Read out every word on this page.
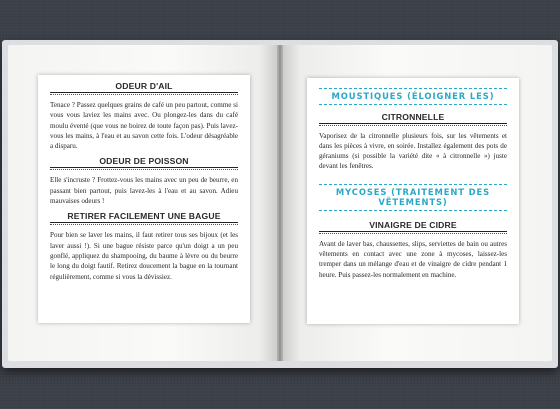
ODEUR D'AIL

Tenace ? Passez quelques grains de café un peu partout, comme si vous vous laviez les mains avec. Ou plongez-les dans du café moulu éventé (que vous ne boirez de toute façon pas). Puis lavez-vous les mains, à l'eau et au savon cette fois. L'odeur désagréable a disparu.

ODEUR DE POISSON

Elle s'incruste ? Frottez-vous les mains avec un peu de beurre, en passant bien partout, puis lavez-les à l'eau et au savon. Adieu mauvaises odeurs !

RETIRER FACILEMENT UNE BAGUE

Pour bien se laver les mains, il faut retirer tous ses bijoux (et les laver aussi !). Si une bague résiste parce qu'un doigt a un peu gonflé, appliquez du shampooing, du baume à lèvre ou du beurre le long du doigt fautif. Retirez doucement la bague en la tournant régulièrement, comme si vous la dévissiez.

MOUSTIQUES (ÉLOIGNER LES)
CITRONNELLE

Vaporisez de la citronnelle plusieurs fois, sur les vêtements et dans les pièces à vivre, en soirée. Installez également des pots de géraniums (si possible la variété dite « à citronnelle ») juste devant les fenêtres.

MYCOSES (TRAITEMENT DES VÊTEMENTS)
VINAIGRE DE CIDRE

Avant de laver bas, chaussettes, slips, serviettes de bain ou autres vêtements en contact avec une zone à mycoses, laissez-les tremper dans un mélange d'eau et de vinaigre de cidre pendant 1 heure. Puis passez-les normalement en machine.
